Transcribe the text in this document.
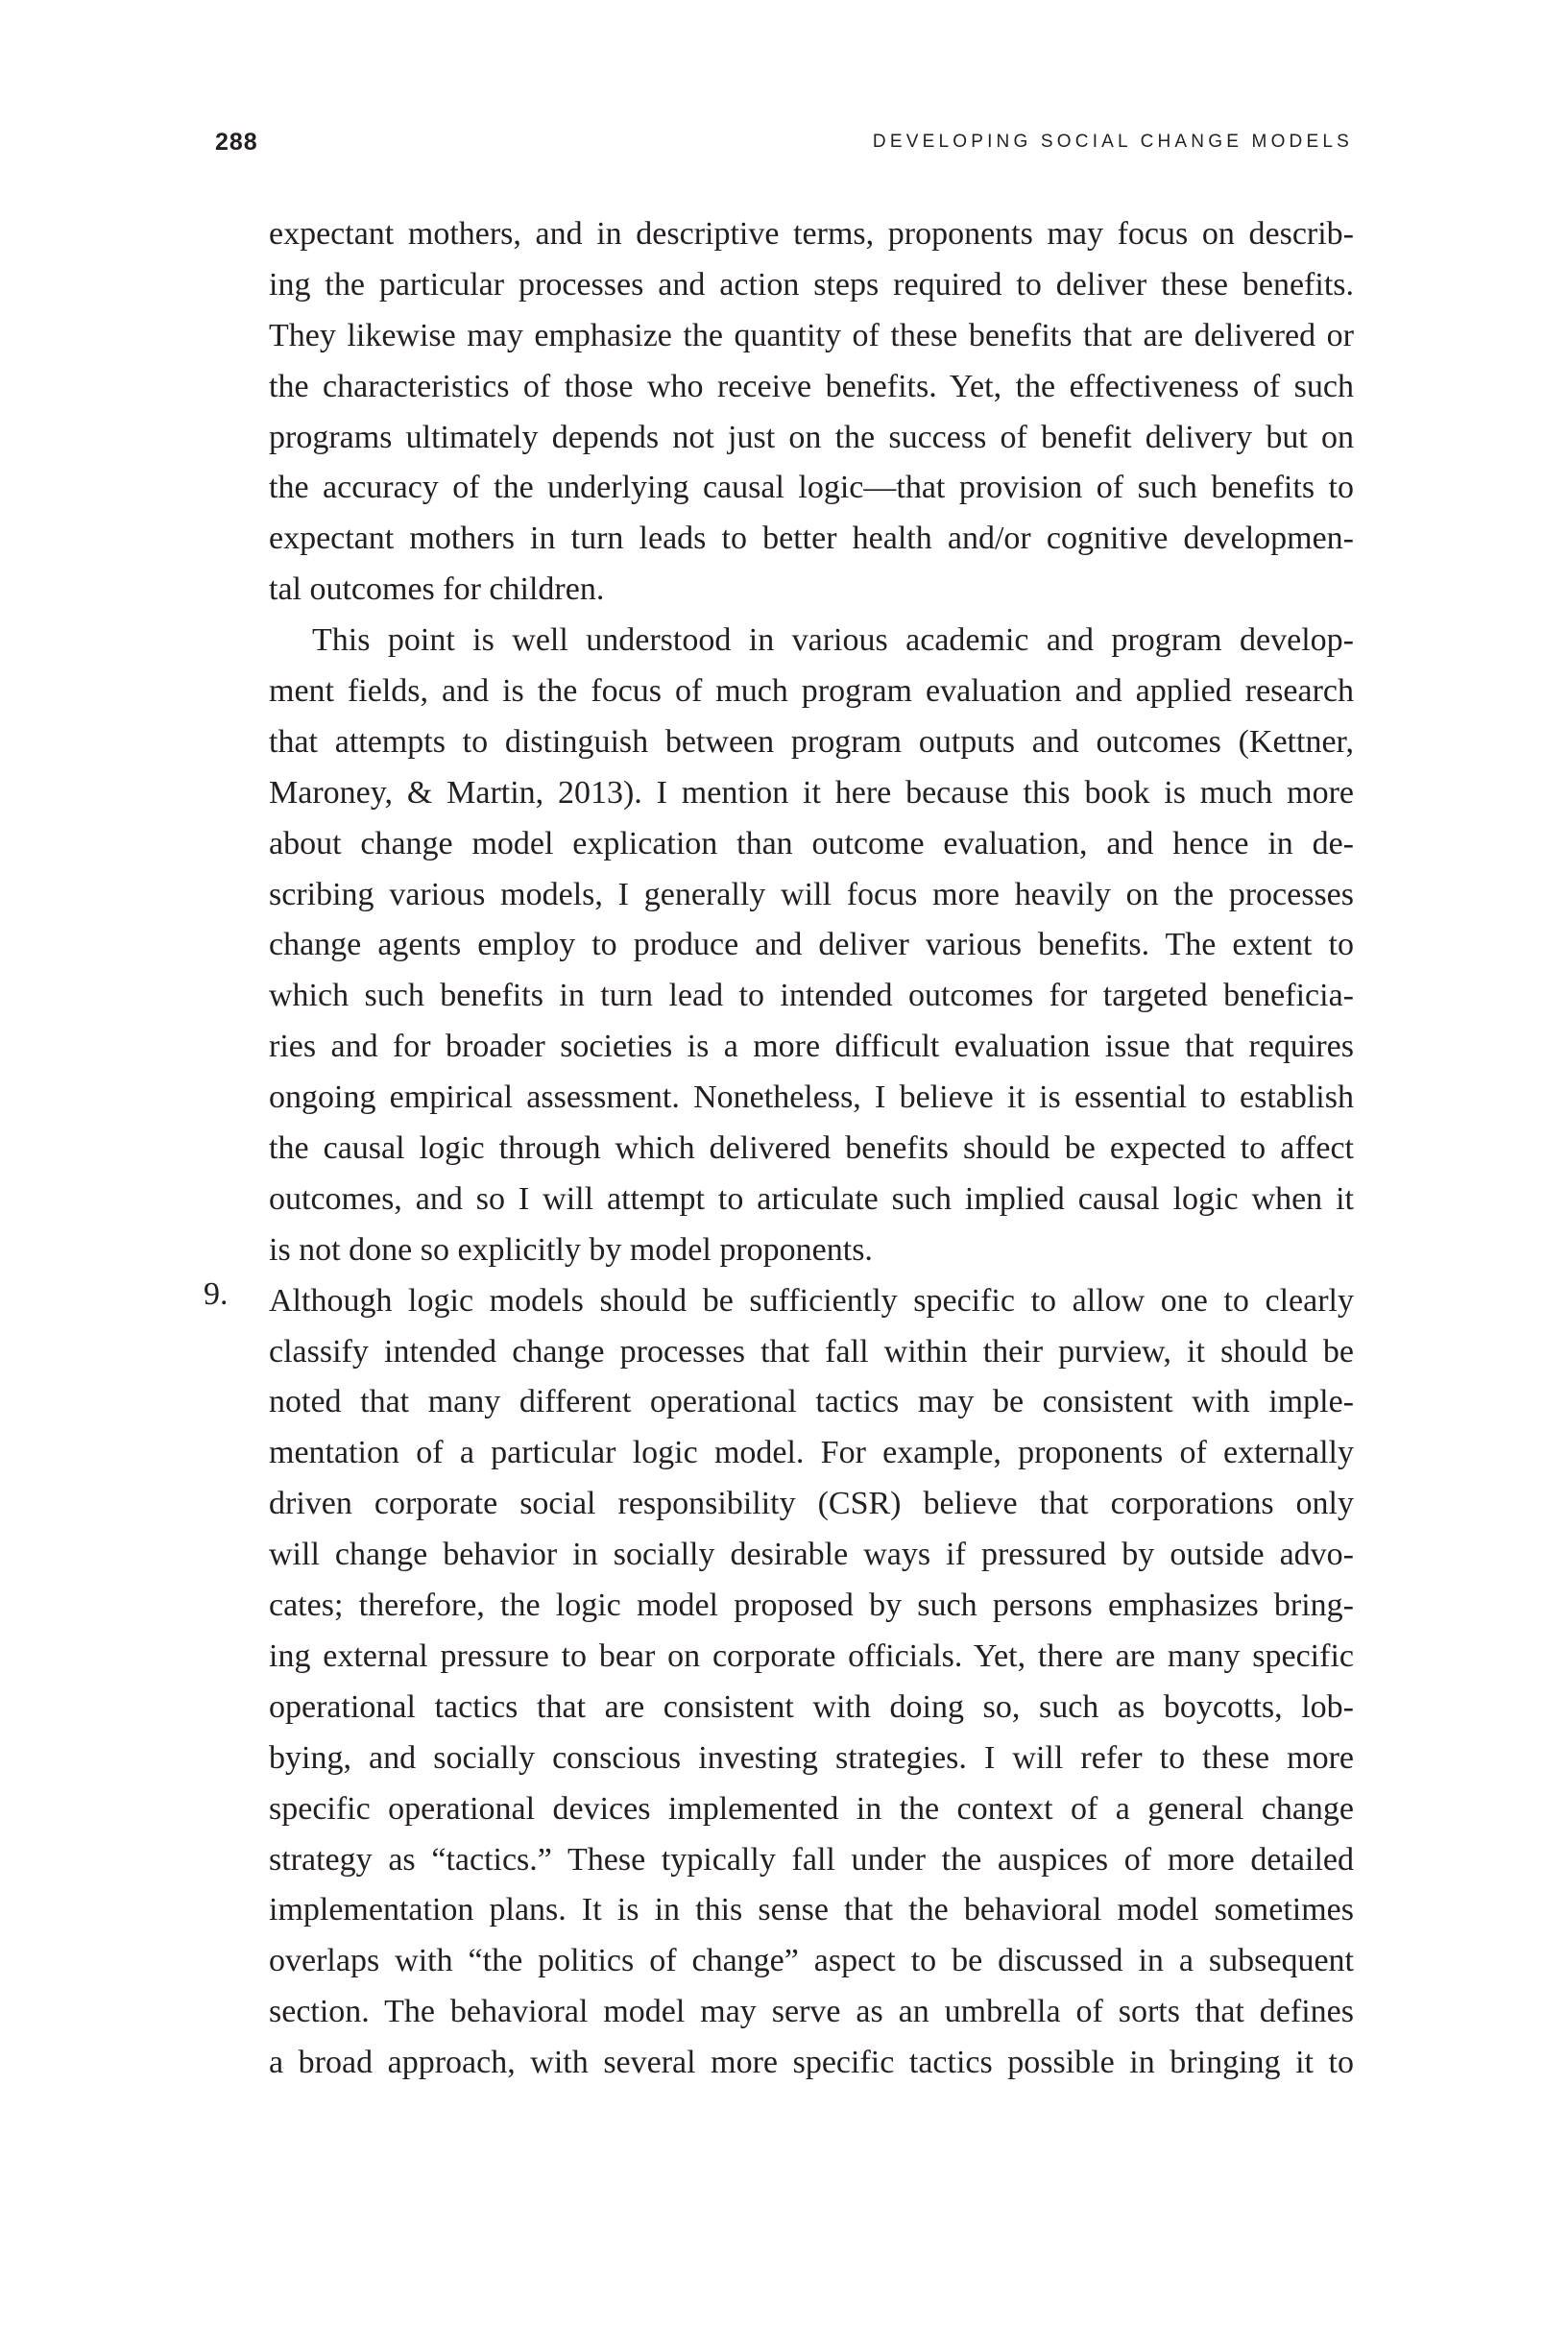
288	DEVELOPING SOCIAL CHANGE MODELS
expectant mothers, and in descriptive terms, proponents may focus on describ-
ing the particular processes and action steps required to deliver these benefits.
They likewise may emphasize the quantity of these benefits that are delivered or
the characteristics of those who receive benefits. Yet, the effectiveness of such
programs ultimately depends not just on the success of benefit delivery but on
the accuracy of the underlying causal logic—that provision of such benefits to
expectant mothers in turn leads to better health and/or cognitive developmen-
tal outcomes for children.
This point is well understood in various academic and program develop-
ment fields, and is the focus of much program evaluation and applied research
that attempts to distinguish between program outputs and outcomes (Kettner,
Maroney, & Martin, 2013). I mention it here because this book is much more
about change model explication than outcome evaluation, and hence in de-
scribing various models, I generally will focus more heavily on the processes
change agents employ to produce and deliver various benefits. The extent to
which such benefits in turn lead to intended outcomes for targeted beneficia-
ries and for broader societies is a more difficult evaluation issue that requires
ongoing empirical assessment. Nonetheless, I believe it is essential to establish
the causal logic through which delivered benefits should be expected to affect
outcomes, and so I will attempt to articulate such implied causal logic when it
is not done so explicitly by model proponents.
9. Although logic models should be sufficiently specific to allow one to clearly
classify intended change processes that fall within their purview, it should be
noted that many different operational tactics may be consistent with imple-
mentation of a particular logic model. For example, proponents of externally
driven corporate social responsibility (CSR) believe that corporations only
will change behavior in socially desirable ways if pressured by outside advo-
cates; therefore, the logic model proposed by such persons emphasizes bring-
ing external pressure to bear on corporate officials. Yet, there are many specific
operational tactics that are consistent with doing so, such as boycotts, lob-
bying, and socially conscious investing strategies. I will refer to these more
specific operational devices implemented in the context of a general change
strategy as “tactics.” These typically fall under the auspices of more detailed
implementation plans. It is in this sense that the behavioral model sometimes
overlaps with “the politics of change” aspect to be discussed in a subsequent
section. The behavioral model may serve as an umbrella of sorts that defines
a broad approach, with several more specific tactics possible in bringing it to
